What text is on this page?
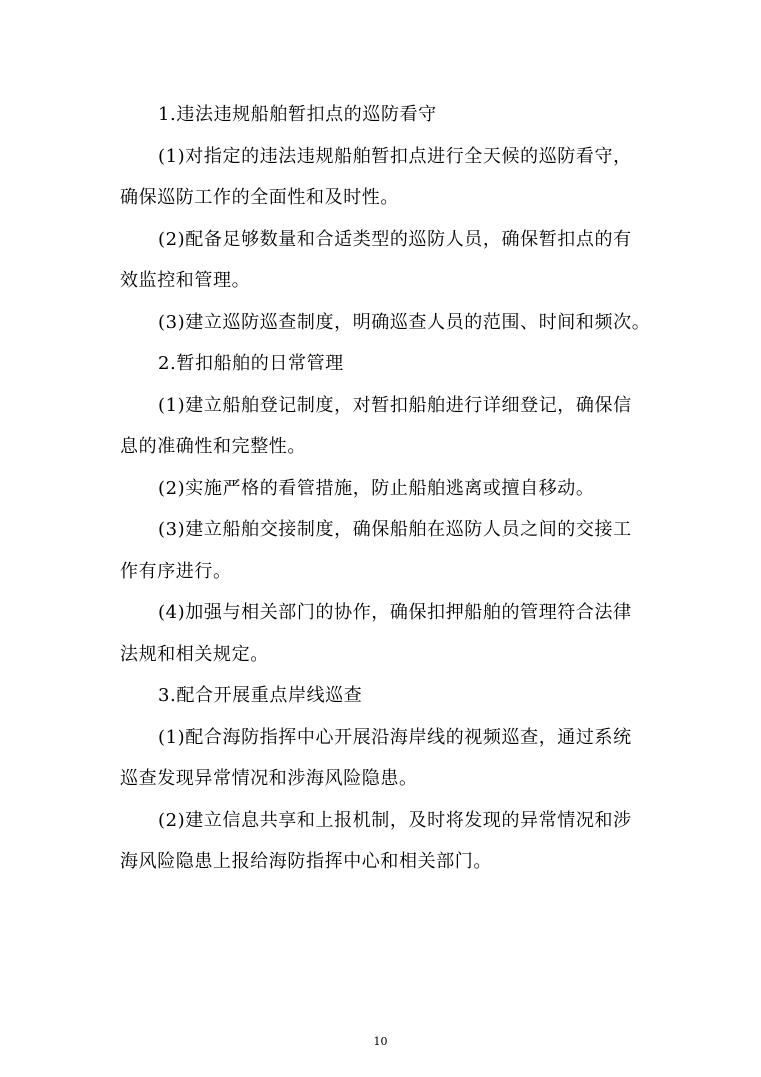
1.违法违规船舶暂扣点的巡防看守
(1)对指定的违法违规船舶暂扣点进行全天候的巡防看守，
确保巡防工作的全面性和及时性。
(2)配备足够数量和合适类型的巡防人员，确保暂扣点的有
效监控和管理。
(3)建立巡防巡查制度，明确巡查人员的范围、时间和频次。
2.暂扣船舶的日常管理
(1)建立船舶登记制度，对暂扣船舶进行详细登记，确保信
息的准确性和完整性。
(2)实施严格的看管措施，防止船舶逃离或擅自移动。
(3)建立船舶交接制度，确保船舶在巡防人员之间的交接工
作有序进行。
(4)加强与相关部门的协作，确保扣押船舶的管理符合法律
法规和相关规定。
3.配合开展重点岸线巡查
(1)配合海防指挥中心开展沿海岸线的视频巡查，通过系统
巡查发现异常情况和涉海风险隐患。
(2)建立信息共享和上报机制，及时将发现的异常情况和涉
海风险隐患上报给海防指挥中心和相关部门。
10
